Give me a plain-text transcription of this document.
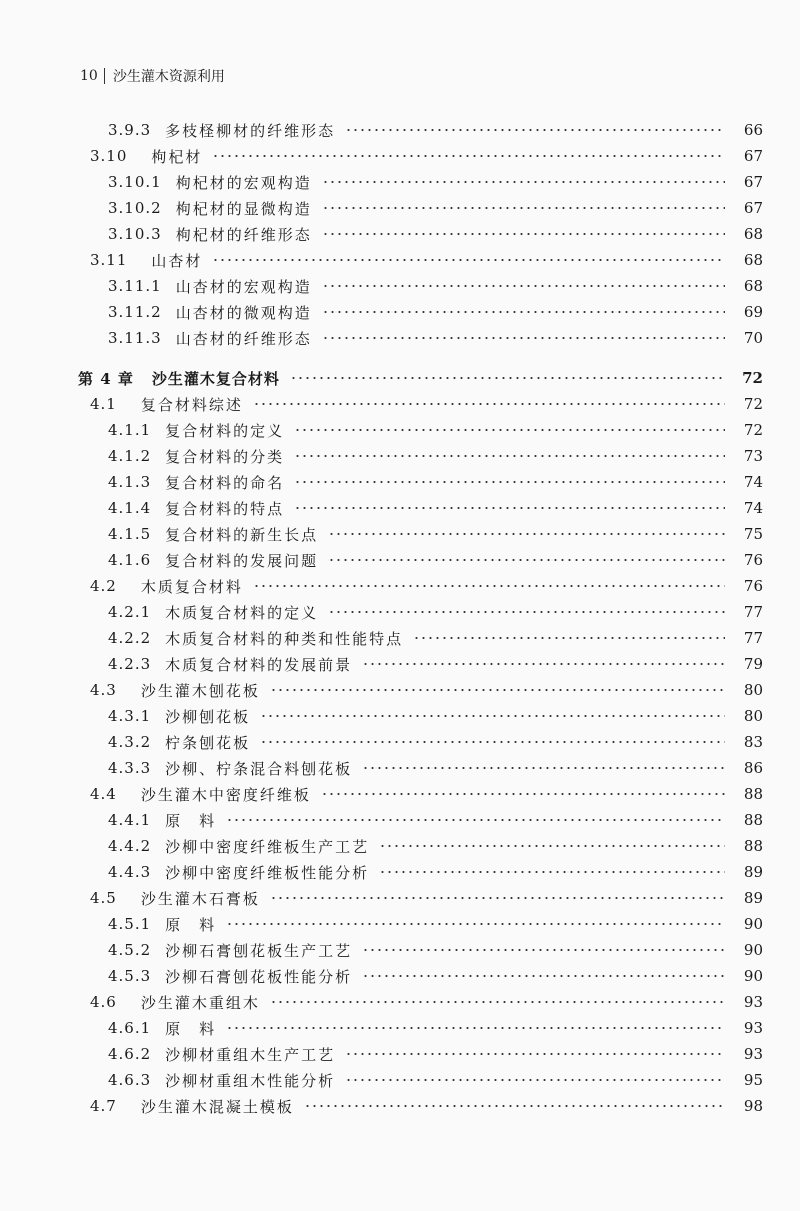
10 沙生灌木资源利用
3.9.3 多枝柽柳材的纤维形态	66
3.10 枸杞材	67
3.10.1 枸杞材的宏观构造	67
3.10.2 枸杞材的显微构造	67
3.10.3 枸杞材的纤维形态	68
3.11 山杏材	68
3.11.1 山杏材的宏观构造	68
3.11.2 山杏材的微观构造	69
3.11.3 山杏材的纤维形态	70
第 4 章 沙生灌木复合材料	72
4.1 复合材料综述	72
4.1.1 复合材料的定义	72
4.1.2 复合材料的分类	73
4.1.3 复合材料的命名	74
4.1.4 复合材料的特点	74
4.1.5 复合材料的新生长点	75
4.1.6 复合材料的发展问题	76
4.2 木质复合材料	76
4.2.1 木质复合材料的定义	77
4.2.2 木质复合材料的种类和性能特点	77
4.2.3 木质复合材料的发展前景	79
4.3 沙生灌木刨花板	80
4.3.1 沙柳刨花板	80
4.3.2 柠条刨花板	83
4.3.3 沙柳、柠条混合料刨花板	86
4.4 沙生灌木中密度纤维板	88
4.4.1 原　料	88
4.4.2 沙柳中密度纤维板生产工艺	88
4.4.3 沙柳中密度纤维板性能分析	89
4.5 沙生灌木石膏板	89
4.5.1 原　料	90
4.5.2 沙柳石膏刨花板生产工艺	90
4.5.3 沙柳石膏刨花板性能分析	90
4.6 沙生灌木重组木	93
4.6.1 原　料	93
4.6.2 沙柳材重组木生产工艺	93
4.6.3 沙柳材重组木性能分析	95
4.7 沙生灌木混凝土模板	98
